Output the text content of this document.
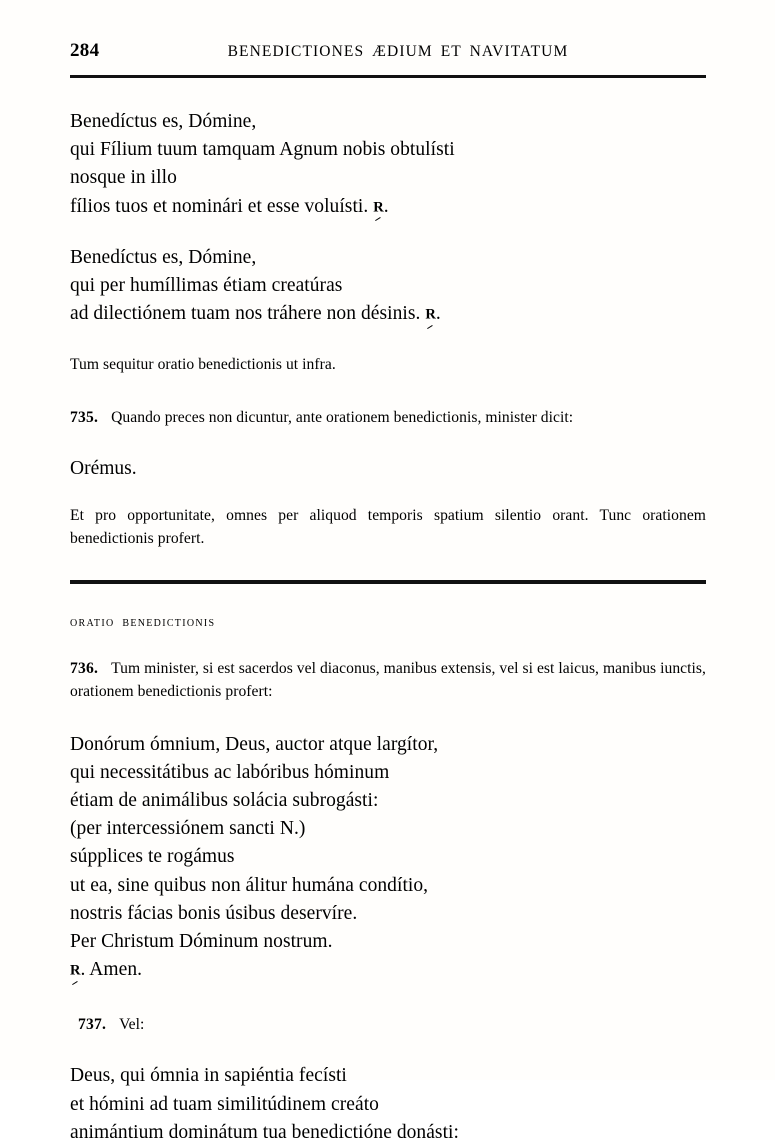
284	BENEDICTIONES ÆDIUM ET NAVITATUM
Benedíctus es, Dómine,
qui Fílium tuum tamquam Agnum nobis obtulísti
nosque in illo
fílios tuos et nominári et esse voluísti. R.
Benedíctus es, Dómine,
qui per humíllimas étiam creatúras
ad dilectiónem tuam nos tráhere non désinis. R.
Tum sequitur oratio benedictionis ut infra.
735. Quando preces non dicuntur, ante orationem benedictionis, minister dicit:
Orémus.
Et pro opportunitate, omnes per aliquod temporis spatium silentio orant. Tunc orationem benedictionis profert.
oratio benedictionis
736. Tum minister, si est sacerdos vel diaconus, manibus extensis, vel si est laicus, manibus iunctis, orationem benedictionis profert:
Donórum ómnium, Deus, auctor atque largítor,
qui necessitátibus ac labóribus hóminum
étiam de animálibus solácia subrogásti:
(per intercessiónem sancti N.)
súpplices te rogámus
ut ea, sine quibus non álitur humána condítio,
nostris fácias bonis úsibus deservíre.
Per Christum Dóminum nostrum.
R. Amen.
737. Vel:
Deus, qui ómnia in sapiéntia fecísti
et hómini ad tuam similitúdinem creáto
animántium dominátum tua benedictióne donásti:
